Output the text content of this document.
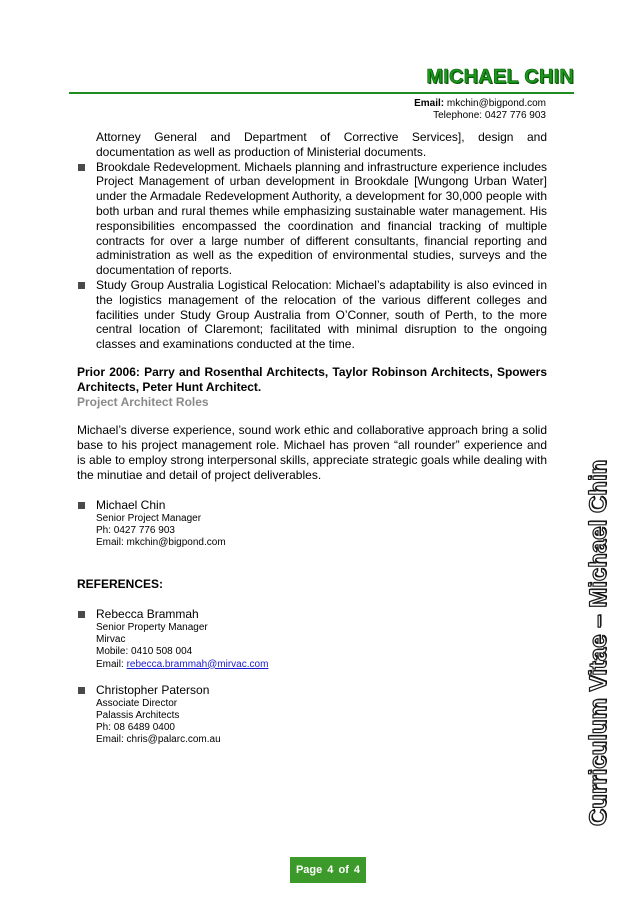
MICHAEL CHIN
Email: mkchin@bigpond.com
Telephone: 0427 776 903
Attorney General and Department of Corrective Services], design and documentation as well as production of Ministerial documents.
Brookdale Redevelopment. Michaels planning and infrastructure experience includes Project Management of urban development in Brookdale [Wungong Urban Water] under the Armadale Redevelopment Authority, a development for 30,000 people with both urban and rural themes while emphasizing sustainable water management. His responsibilities encompassed the coordination and financial tracking of multiple contracts for over a large number of different consultants, financial reporting and administration as well as the expedition of environmental studies, surveys and the documentation of reports.
Study Group Australia Logistical Relocation: Michael’s adaptability is also evinced in the logistics management of the relocation of the various different colleges and facilities under Study Group Australia from O’Conner, south of Perth, to the more central location of Claremont; facilitated with minimal disruption to the ongoing classes and examinations conducted at the time.
Prior 2006: Parry and Rosenthal Architects, Taylor Robinson Architects, Spowers Architects, Peter Hunt Architect.
Project Architect Roles
Michael’s diverse experience, sound work ethic and collaborative approach bring a solid base to his project management role. Michael has proven “all rounder” experience and is able to employ strong interpersonal skills, appreciate strategic goals while dealing with the minutiae and detail of project deliverables.
Michael Chin
Senior Project Manager
Ph: 0427 776 903
Email: mkchin@bigpond.com
REFERENCES:
Rebecca Brammah
Senior Property Manager
Mirvac
Mobile: 0410 508 004
Email: rebecca.brammah@mirvac.com
Christopher Paterson
Associate Director
Palassis Architects
Ph: 08 6489 0400
Email: chris@palarc.com.au	Curriculum Vitae – Michael Chin
Page 4 of 4
